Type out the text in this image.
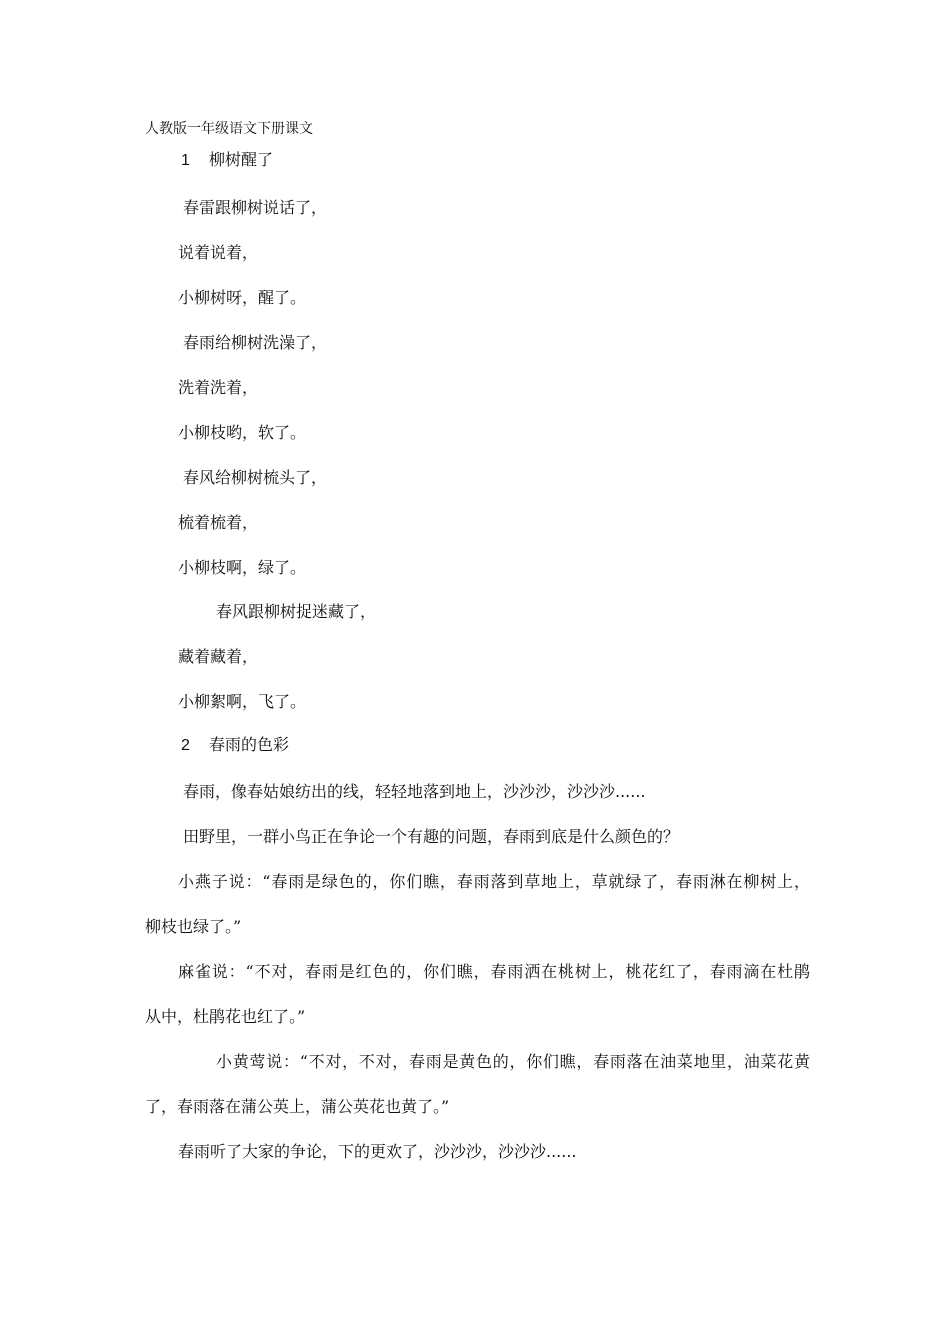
人教版一年级语文下册课文
1 柳树醒了
春雷跟柳树说话了，
说着说着，
小柳树呀，醒了。
春雨给柳树洗澡了，
洗着洗着，
小柳枝哟，软了。
春风给柳树梳头了，
梳着梳着，
小柳枝啊，绿了。
春风跟柳树捉迷藏了，
藏着藏着，
小柳絮啊，飞了。
2 春雨的色彩
春雨，像春姑娘纺出的线，轻轻地落到地上，沙沙沙，沙沙沙......
田野里，一群小鸟正在争论一个有趣的问题，春雨到底是什么颜色的？
小燕子说：“春雨是绿色的，你们瞧，春雨落到草地上，草就绿了，春雨淋在柳树上，
柳枝也绿了。”
麻雀说：“不对，春雨是红色的，你们瞧，春雨洒在桃树上，桃花红了，春雨滴在杜鹃
从中，杜鹃花也红了。”
小黄莺说：“不对，不对，春雨是黄色的，你们瞧，春雨落在油菜地里，油菜花黄
了，春雨落在蒲公英上，蒲公英花也黄了。”
春雨听了大家的争论，下的更欢了，沙沙沙，沙沙沙......
